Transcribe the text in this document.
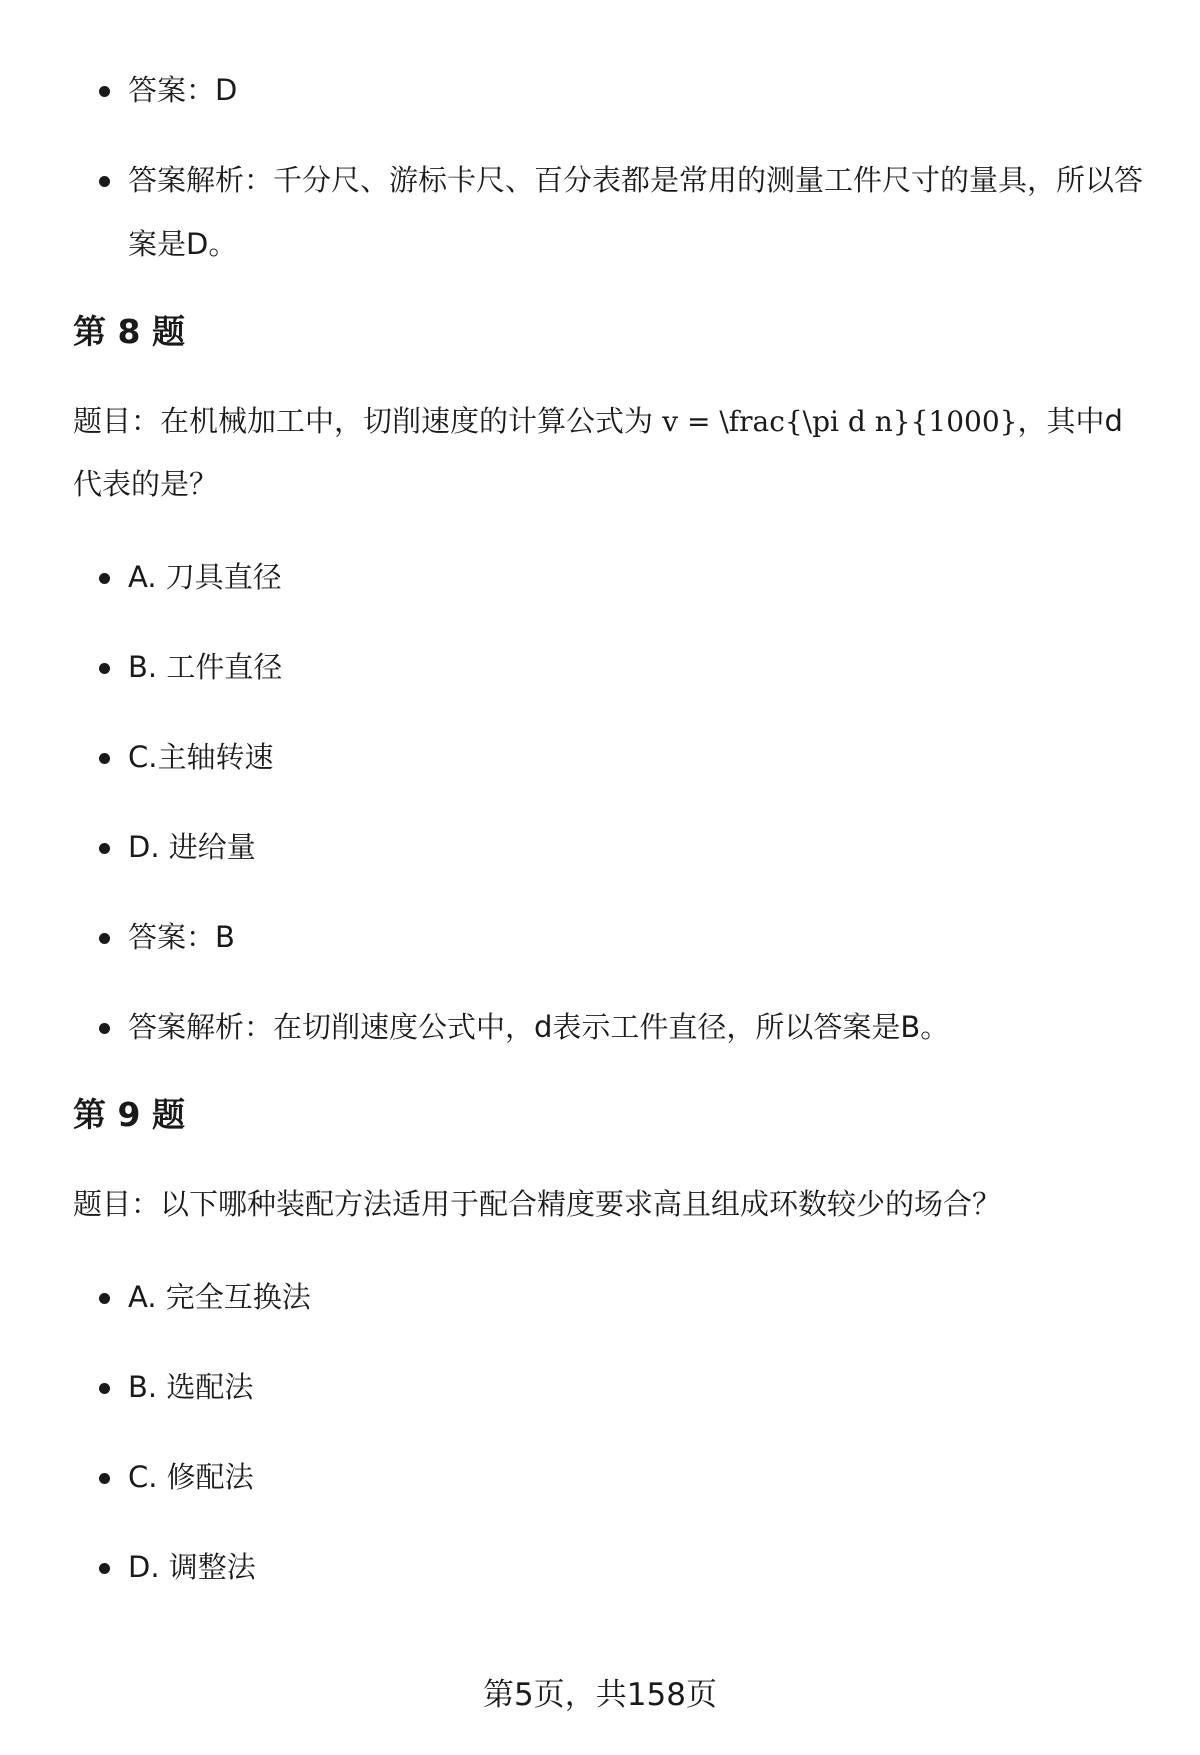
答案：D
答案解析：千分尺、游标卡尺、百分表都是常用的测量工件尺寸的量具，所以答案是D。
第 8 题

题目：在机械加工中，切削速度的计算公式为 v = \frac{\pi d n}{1000}，其中d代表的是？

A. 刀具直径
B. 工件直径
C.主轴转速
D. 进给量
答案：B
答案解析：在切削速度公式中，d表示工件直径，所以答案是B。
第 9 题

题目：以下哪种装配方法适用于配合精度要求高且组成环数较少的场合？

A. 完全互换法
B. 选配法
C. 修配法
D. 调整法
第5页，共158页
